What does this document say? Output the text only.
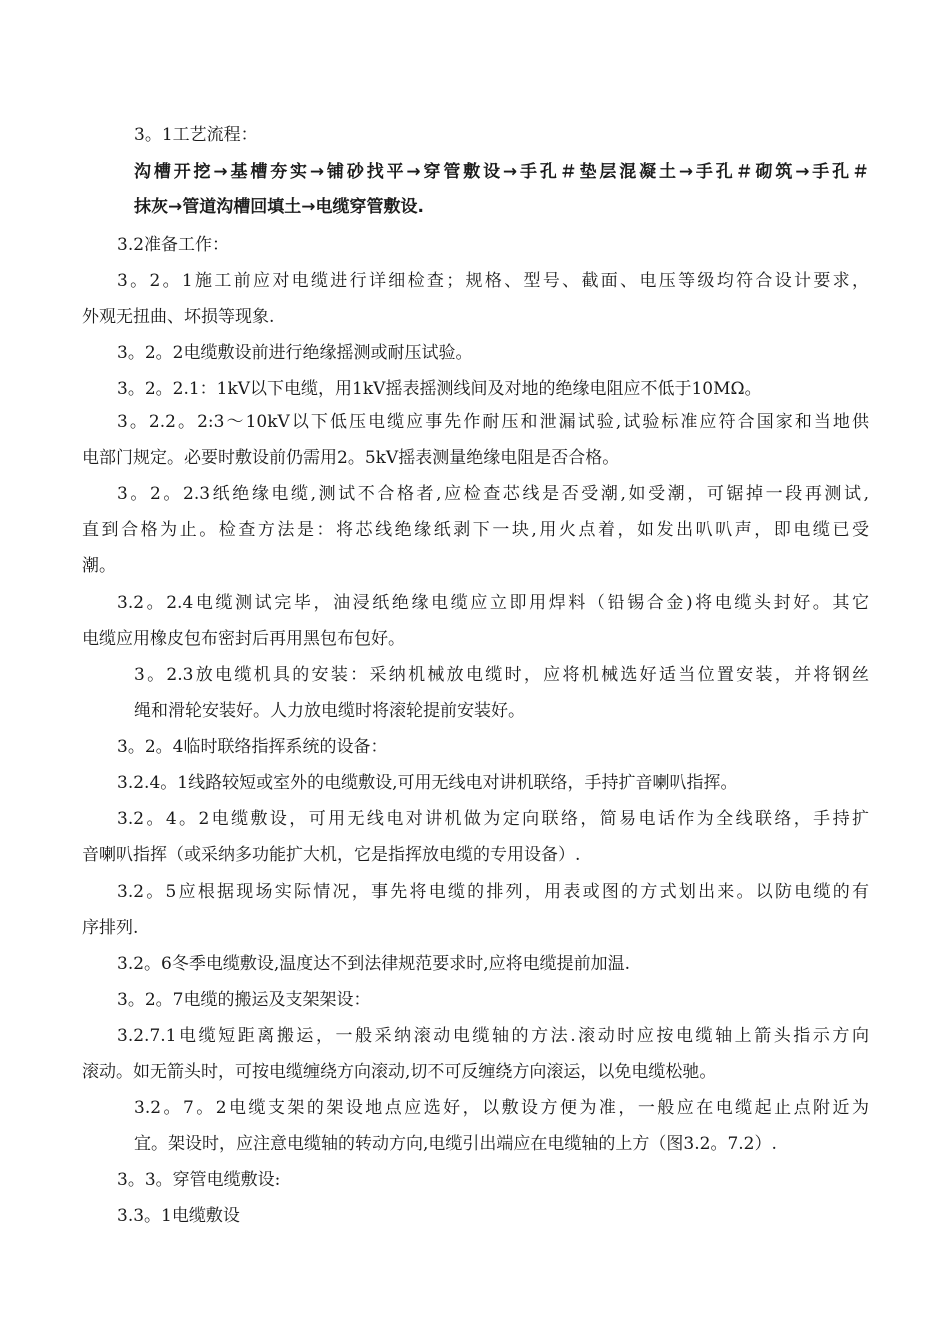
3。1工艺流程：
沟槽开挖→基槽夯实→铺砂找平→穿管敷设→手孔＃垫层混凝土→手孔＃砌筑→手孔＃
抹灰→管道沟槽回填土→电缆穿管敷设.
3.2准备工作：
3。2。1施工前应对电缆进行详细检查；规格、型号、截面、电压等级均符合设计要求，
外观无扭曲、坏损等现象.
3。2。2电缆敷设前进行绝缘摇测或耐压试验。
3。2。2.1：1kV以下电缆，用1kV摇表摇测线间及对地的绝缘电阻应不低于10MΩ。
3。2.2。2:3～10kV以下低压电缆应事先作耐压和泄漏试验,试验标准应符合国家和当地供
电部门规定。必要时敷设前仍需用2。5kV摇表测量绝缘电阻是否合格。
3。2。2.3纸绝缘电缆,测试不合格者,应检查芯线是否受潮,如受潮，可锯掉一段再测试,
直到合格为止。检查方法是：将芯线绝缘纸剥下一块,用火点着，如发出叭叭声，即电缆已受
潮。
3.2。2.4电缆测试完毕，油浸纸绝缘电缆应立即用焊料（铅锡合金)将电缆头封好。其它
电缆应用橡皮包布密封后再用黑包布包好。
3。2.3放电缆机具的安装：采纳机械放电缆时，应将机械选好适当位置安装，并将钢丝
绳和滑轮安装好。人力放电缆时将滚轮提前安装好。
3。2。4临时联络指挥系统的设备：
3.2.4。1线路较短或室外的电缆敷设,可用无线电对讲机联络，手持扩音喇叭指挥。
3.2。4。2电缆敷设，可用无线电对讲机做为定向联络，简易电话作为全线联络，手持扩
音喇叭指挥（或采纳多功能扩大机，它是指挥放电缆的专用设备）.
3.2。5应根据现场实际情况，事先将电缆的排列，用表或图的方式划出来。以防电缆的有
序排列.
3.2。6冬季电缆敷设,温度达不到法律规范要求时,应将电缆提前加温.
3。2。7电缆的搬运及支架架设：
3.2.7.1电缆短距离搬运，一般采纳滚动电缆轴的方法.滚动时应按电缆轴上箭头指示方向
滚动。如无箭头时，可按电缆缠绕方向滚动,切不可反缠绕方向滚运，以免电缆松驰。
3.2。7。2电缆支架的架设地点应选好，以敷设方便为准，一般应在电缆起止点附近为
宜。架设时，应注意电缆轴的转动方向,电缆引出端应在电缆轴的上方（图3.2。7.2）.
3。3。穿管电缆敷设:
3.3。1电缆敷设
